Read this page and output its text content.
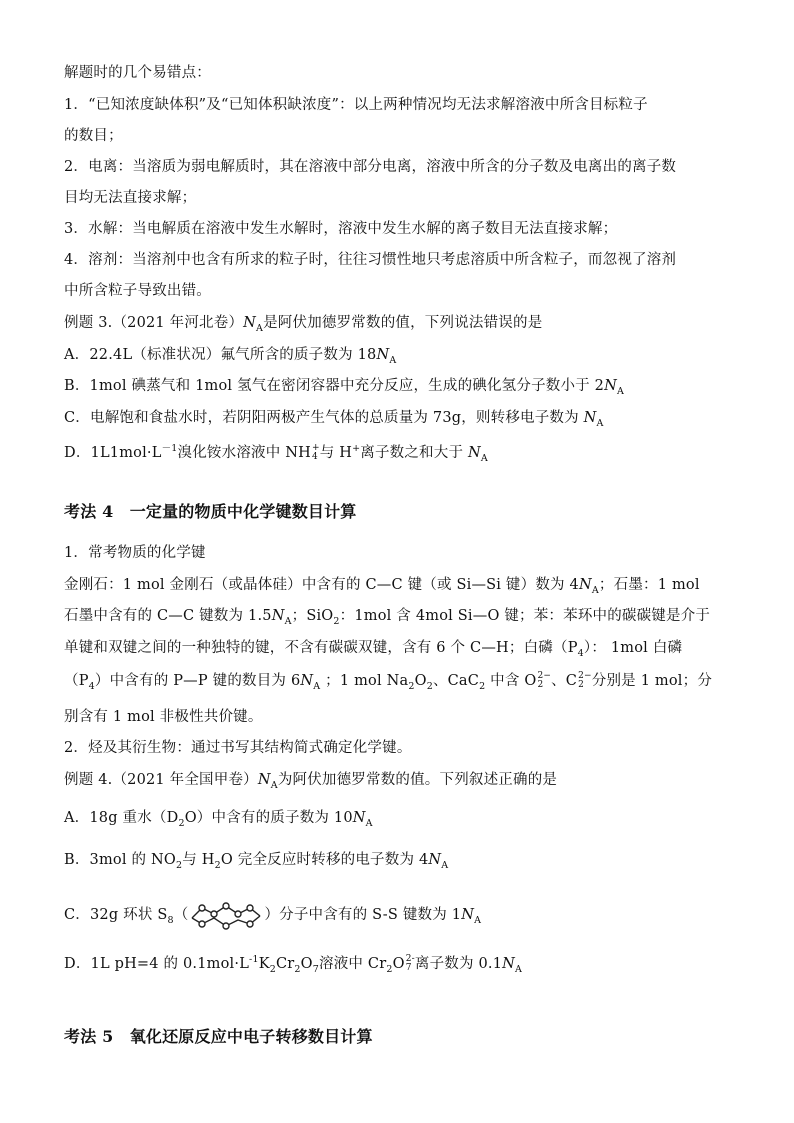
解题时的几个易错点：
1．“已知浓度缺体积”及“已知体积缺浓度”：以上两种情况均无法求解溶液中所含目标粒子
的数目；
2．电离：当溶质为弱电解质时，其在溶液中部分电离，溶液中所含的分子数及电离出的离子数
目均无法直接求解；
3．水解：当电解质在溶液中发生水解时，溶液中发生水解的离子数目无法直接求解；
4．溶剂：当溶剂中也含有所求的粒子时，往往习惯性地只考虑溶质中所含粒子，而忽视了溶剂
中所含粒子导致出错。
例题 3.（2021 年河北卷）$N_A$是阿伏加德罗常数的值，下列说法错误的是
A．22.4L（标准状况）氟气所含的质子数为 $18N_A$
B．1mol 碘蒸气和 1mol 氢气在密闭容器中充分反应，生成的碘化氢分子数小于 $2N_A$
C．电解饱和食盐水时，若阴阳两极产生气体的总质量为 73g，则转移电子数为 $N_A$
D．$1L1mol\cdot L^{-1}$溴化铵水溶液中 NH +
4 与 H+离子数之和大于 $N_A$
考法 4　一定量的物质中化学键数目计算
1．常考物质的化学键
金刚石：1 mol 金刚石（或晶体硅）中含有的 C—C 键（或 Si—Si 键）数为 $4N_A$；石墨：1 mol
石墨中含有的 C—C 键数为 $1.5N_A$；SiO$_2$：1mol 含 4mol Si—O 键；苯：苯环中的碳碳键是介于
单键和双键之间的一种独特的键，不含有碳碳双键，含有 6 个 C—H；白磷$(P_4)$： 1mol 白磷
$(P_4)$中含有的 P—P 键的数目为 $6N_A$ ；1 mol $Na_2O_2$、CaC$_2$ 中含 O 2−
2 、C 2−
2 分别是 1 mol；分
别含有 1 mol 非极性共价键。
2．烃及其衍生物：通过书写其结构简式确定化学键。
例题 4.（2021 年全国甲卷）$N_A$为阿伏加德罗常数的值。下列叙述正确的是
A．18g 重水$(D_2O)$中含有的质子数为 $10N_A$
B．3mol 的 $NO_2$与 $H_2O$ 完全反应时转移的电子数为 $4N_A$
C．32g 环状 $S_8$（	）分子中含有的 S-S 键数为 $1N_A$
D．1L pH=4 的 $0.1mol\cdot L^{-1}K_2Cr_2O_7$溶液中 $Cr_2O$ 2-
7 离子数为 $0.1N_A$
考法 5　氧化还原反应中电子转移数目计算
